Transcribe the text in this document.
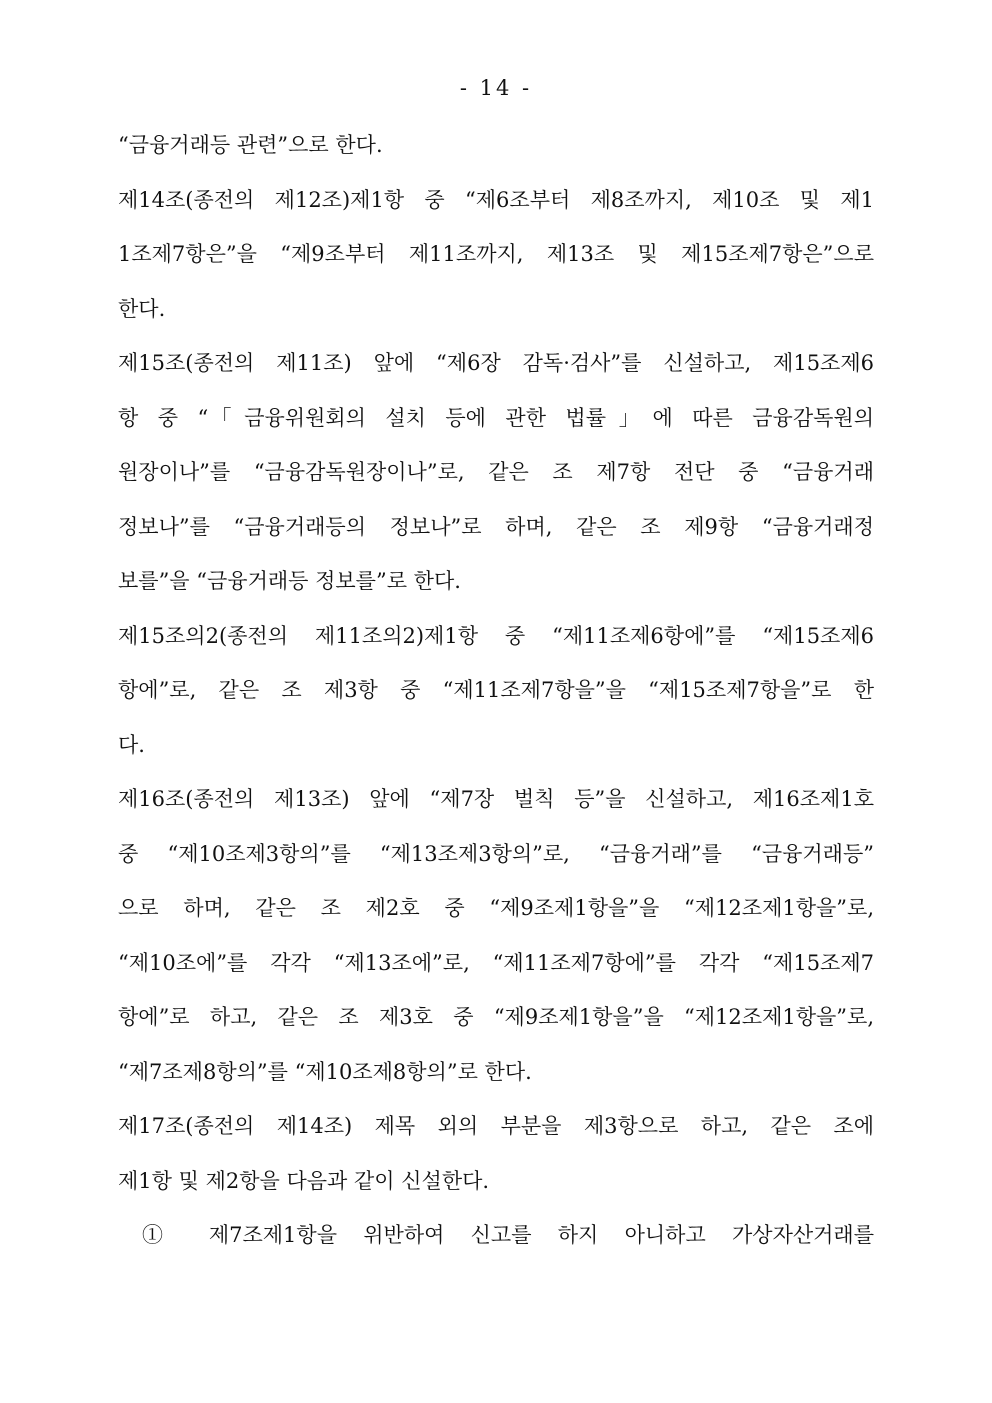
- 14 -
“금융거래등 관련”으로 한다.
제14조(종전의 제12조)제1항 중 “제6조부터 제8조까지, 제10조 및 제1
1조제7항은”을 “제9조부터 제11조까지, 제13조 및 제15조제7항은”으로
한다.
제15조(종전의 제11조) 앞에 “제6장 감독·검사”를 신설하고, 제15조제6
항 중 “「금융위원회의 설치 등에 관한 법률」에 따른 금융감독원의
원장이나”를 “금융감독원장이나”로, 같은 조 제7항 전단 중 “금융거래
정보나”를 “금융거래등의 정보나”로 하며, 같은 조 제9항 “금융거래정
보를”을 “금융거래등 정보를”로 한다.
제15조의2(종전의 제11조의2)제1항 중 “제11조제6항에”를 “제15조제6
항에”로, 같은 조 제3항 중 “제11조제7항을”을 “제15조제7항을”로 한
다.
제16조(종전의 제13조) 앞에 “제7장 벌칙 등”을 신설하고, 제16조제1호
중 “제10조제3항의”를 “제13조제3항의”로, “금융거래”를 “금융거래등”
으로 하며, 같은 조 제2호 중 “제9조제1항을”을 “제12조제1항을”로,
“제10조에”를 각각 “제13조에”로, “제11조제7항에”를 각각 “제15조제7
항에”로 하고, 같은 조 제3호 중 “제9조제1항을”을 “제12조제1항을”로,
“제7조제8항의”를 “제10조제8항의”로 한다.
제17조(종전의 제14조) 제목 외의 부분을 제3항으로 하고, 같은 조에
제1항 및 제2항을 다음과 같이 신설한다.
① 제7조제1항을 위반하여 신고를 하지 아니하고 가상자산거래를
